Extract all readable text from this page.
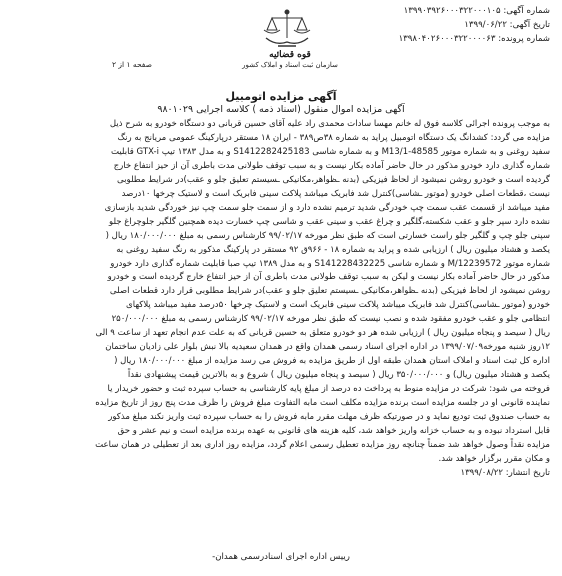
شماره آگهی: ۱۳۹۹۰۳۹۲۶۰۰۰۳۲۲۰۰۰۱۰۵
تاریخ آگهی: ۱۳۹۹/۰۶/۲۲
شماره پرونده: ۱۳۹۸۰۴۰۲۶۰۰۰۳۲۲۰۰۰۰۶۳
قوه قضائیه
سازمان ثبت اسناد و املاک کشور
صفحه ۱ از ۲
آگهی مزایده اتومبیل
آگهی مزایده اموال منقول (اسناد ذمه ) کلاسه اجرایی ۹۸۰۱۰۲۹

به موجب پرونده اجرائی کلاسه فوق له خانم مهسا سادات محمدی راد علیه آقای حسین قربانی دو دستگاه خودرو به شرح ذیل

مزایده می گردد: کشدانگ یک دستگاه اتومبیل پراید به شماره ۳۸ص۳۸۹ - ایران ۱۸ مستقر درپارکینگ عمومی مریانج به رنگ

سفید روغنی و به شماره موتور M13/1-48585 و به شماره شاسی S1412282425183 و به مدل ۱۳۸۳ تیپ GTX-i قابلیت

شماره گذاری دارد خودرو مذکور در حال حاضر آماده بکار نیست و به سبب توقف طولانی مدت باطری آن از حیز انتفاع خارج

گردیده است و خودرو روشن نمیشود از لحاظ فیزیکی (بدنه ـظواهر،مکانیکی ـسیستم تعلیق جلو و عقب)در شرایط مطلوبی

نیست ،قطعات اصلی خودرو (موتور ـشاسی)کنترل شد فابریک میباشد پلاکت سینی فابریک است و لاستیک چرخها ۱۰درصد

مفید میباشد از قسمت عقب سمت چپ خودرگی شدید ترمیم نشده دارد و از سمت جلو سمت چپ نیز خوردگی شدید بازسازی

نشده دارد سپر جلو و عقب شکسته،گلگیر و چراغ عقب و سینی عقب و شاسی چپ خسارت دیده همچنین گلگیر جلوچراغ جلو

سپنی جلو چپ و گلگیر جلو راست خسارتی است که طبق نظر مورخه ۹۹/۰۲/۱۷ کارشناس رسمی به مبلغ ۱۸۰/۰۰۰/۰۰۰ ریال (

یکصد و هشتاد میلیون ریال ) ارزیابی شده و پراید به شماره ۱۸ - ۹۶۶ق ۹۲ مستقر در پارکینگ مذکور به رنگ سفید روغنی به

شماره موتور M/12239572 و شماره شاسی S141228432225 و به مدل ۱۳۸۹ تیپ صبا قابلیت شماره گذاری دارد خودرو

مذکور در حال حاضر آماده بکار نیست و لیکن به سبب توقف طولانی مدت باطری آن از حیز انتفاع خارج گردیده است و خودرو

روشن نمیشود از لحاظ فیزیکی (بدنه ـظواهر،مکانیکی ـسیستم تعلیق جلو و عقب)در شرایط مطلوبی قرار دارد قطعات اصلی

خودرو (موتور ـشاسی)کنترل شد فابریک میباشد پلاکت سینی فابریک است و لاستیک چرخها ۵۰درصد مفید میباشد پلاکهای

انتظامی جلو و عقب خودرو مفقود شده و نصب نیست که طبق نظر مورخه ۹۹/۰۲/۱۷ کارشناس رسمی به مبلغ ۲۵۰/۰۰۰/۰۰۰

ریال ( سیصد و پنجاه میلیون ریال ) ارزیابی شده هر دو خودرو متعلق به حسین قربانی که به علت عدم انجام تعهد از ساعت ۹ الی

۱۲روز شنبه مورخه۱۳۹۹/۰۷/۰۹ در اداره اجرای اسناد رسمی همدان واقع در همدان سعیدیه بالا نبش بلوار علی زادیان ساختمان

اداره کل ثبت اسناد و املاک استان همدان طبقه اول از طریق مزایده به فروش می رسد مزایده از مبلغ ۱۸۰/۰۰۰/۰۰۰ ریال (

یکصد و هشتاد میلیون ریال) و ۳۵۰/۰۰۰/۰۰۰ ریال ( سیصد و پنجاه میلیون ریال ) شروع و به بالاترین قیمت پیشنهادی نقداً

فروخته می شود: شرکت در مزایده منوط به پرداخت ده درصد از مبلغ پایه کارشناسی به حساب سپرده ثبت و حضور خریدار یا

نماینده قانونی او در جلسه مزایده است برنده مزایده مکلف است مابه التفاوت مبلغ فروش را ظرف مدت پنج روز از تاریخ مزایده

به حساب صندوق ثبت تودیع نماید و در صورتیکه ظرف مهلت مقرر مابه فروش را به حساب سپرده ثبت واریز نکند مبلغ مذکور

قابل استرداد نبوده و به حساب خزانه واریز خواهد شد، کلیه هزینه های قانونی به عهده برنده مزایده است و نیم عشر و حق

مزایده نقداً وصول خواهد شد ضمناً چنانچه روز مزایده تعطیل رسمی اعلام گردد، مزایده روز اداری بعد از تعطیلی در همان ساعت

و مکان مقرر برگزار خواهد شد.

تاریخ انتشار: ۱۳۹۹/۰۸/۲۲

رییس اداره اجرای اسنادرسمی همدان-
